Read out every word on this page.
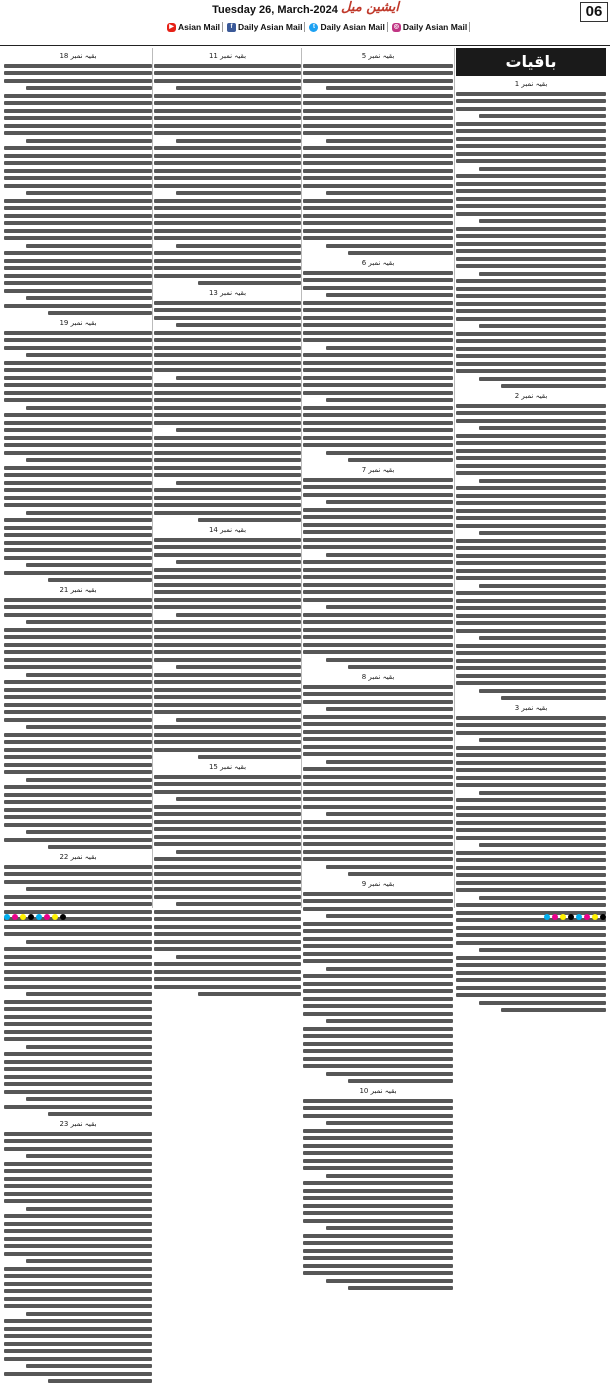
Tuesday 26, March-2024 ایشین میل	06
▶ Asian Mail	f Daily Asian Mail	t Daily Asian Mail	◎ Daily Asian Mail
بقیہ نمبر 18
بقیہ نمبر 19
بقیہ نمبر 21
بقیہ نمبر 22
بقیہ نمبر 23
بقیہ نمبر 11
بقیہ نمبر 13
بقیہ نمبر 14
بقیہ نمبر 15
بقیہ نمبر 5
بقیہ نمبر 6
بقیہ نمبر 7
بقیہ نمبر 8
بقیہ نمبر 9
بقیہ نمبر 10
باقیات
بقیہ نمبر 1
بقیہ نمبر 2
بقیہ نمبر 3
